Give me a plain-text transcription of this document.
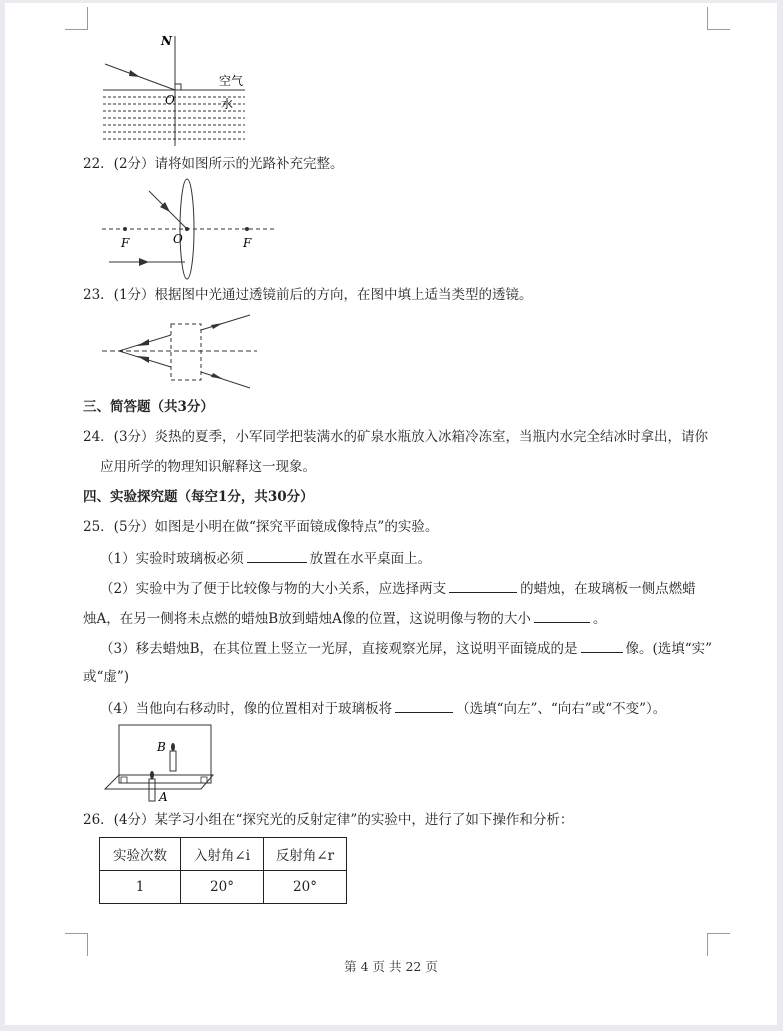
N
O
空气
水
22．(2分）请将如图所示的光路补充完整。
F	O	F
23．(1分）根据图中光通过透镜前后的方向，在图中填上适当类型的透镜。
三、简答题（共3分）
24．(3分）炎热的夏季，小军同学把装满水的矿泉水瓶放入冰箱冷冻室，当瓶内水完全结冰时拿出，请你
应用所学的物理知识解释这一现象。
四、实验探究题（每空1分，共30分）
25．(5分）如图是小明在做“探究平面镜成像特点”的实验。
（1）实验时玻璃板必须	放置在水平桌面上。
（2）实验中为了便于比较像与物的大小关系，应选择两支	的蜡烛，在玻璃板一侧点燃蜡
烛A，在另一侧将未点燃的蜡烛B放到蜡烛A像的位置，这说明像与物的大小	。
（3）移去蜡烛B，在其位置上竖立一光屏，直接观察光屏，这说明平面镜成的是	像。(选填“实”
或“虚”)
（4）当他向右移动时，像的位置相对于玻璃板将	（选填“向左”、“向右”或“不变”）。
B
A
26．(4分）某学习小组在“探究光的反射定律”的实验中，进行了如下操作和分析：
实验次数	入射角∠i	反射角∠r
1	20°	20°
第 4 页 共 22 页
